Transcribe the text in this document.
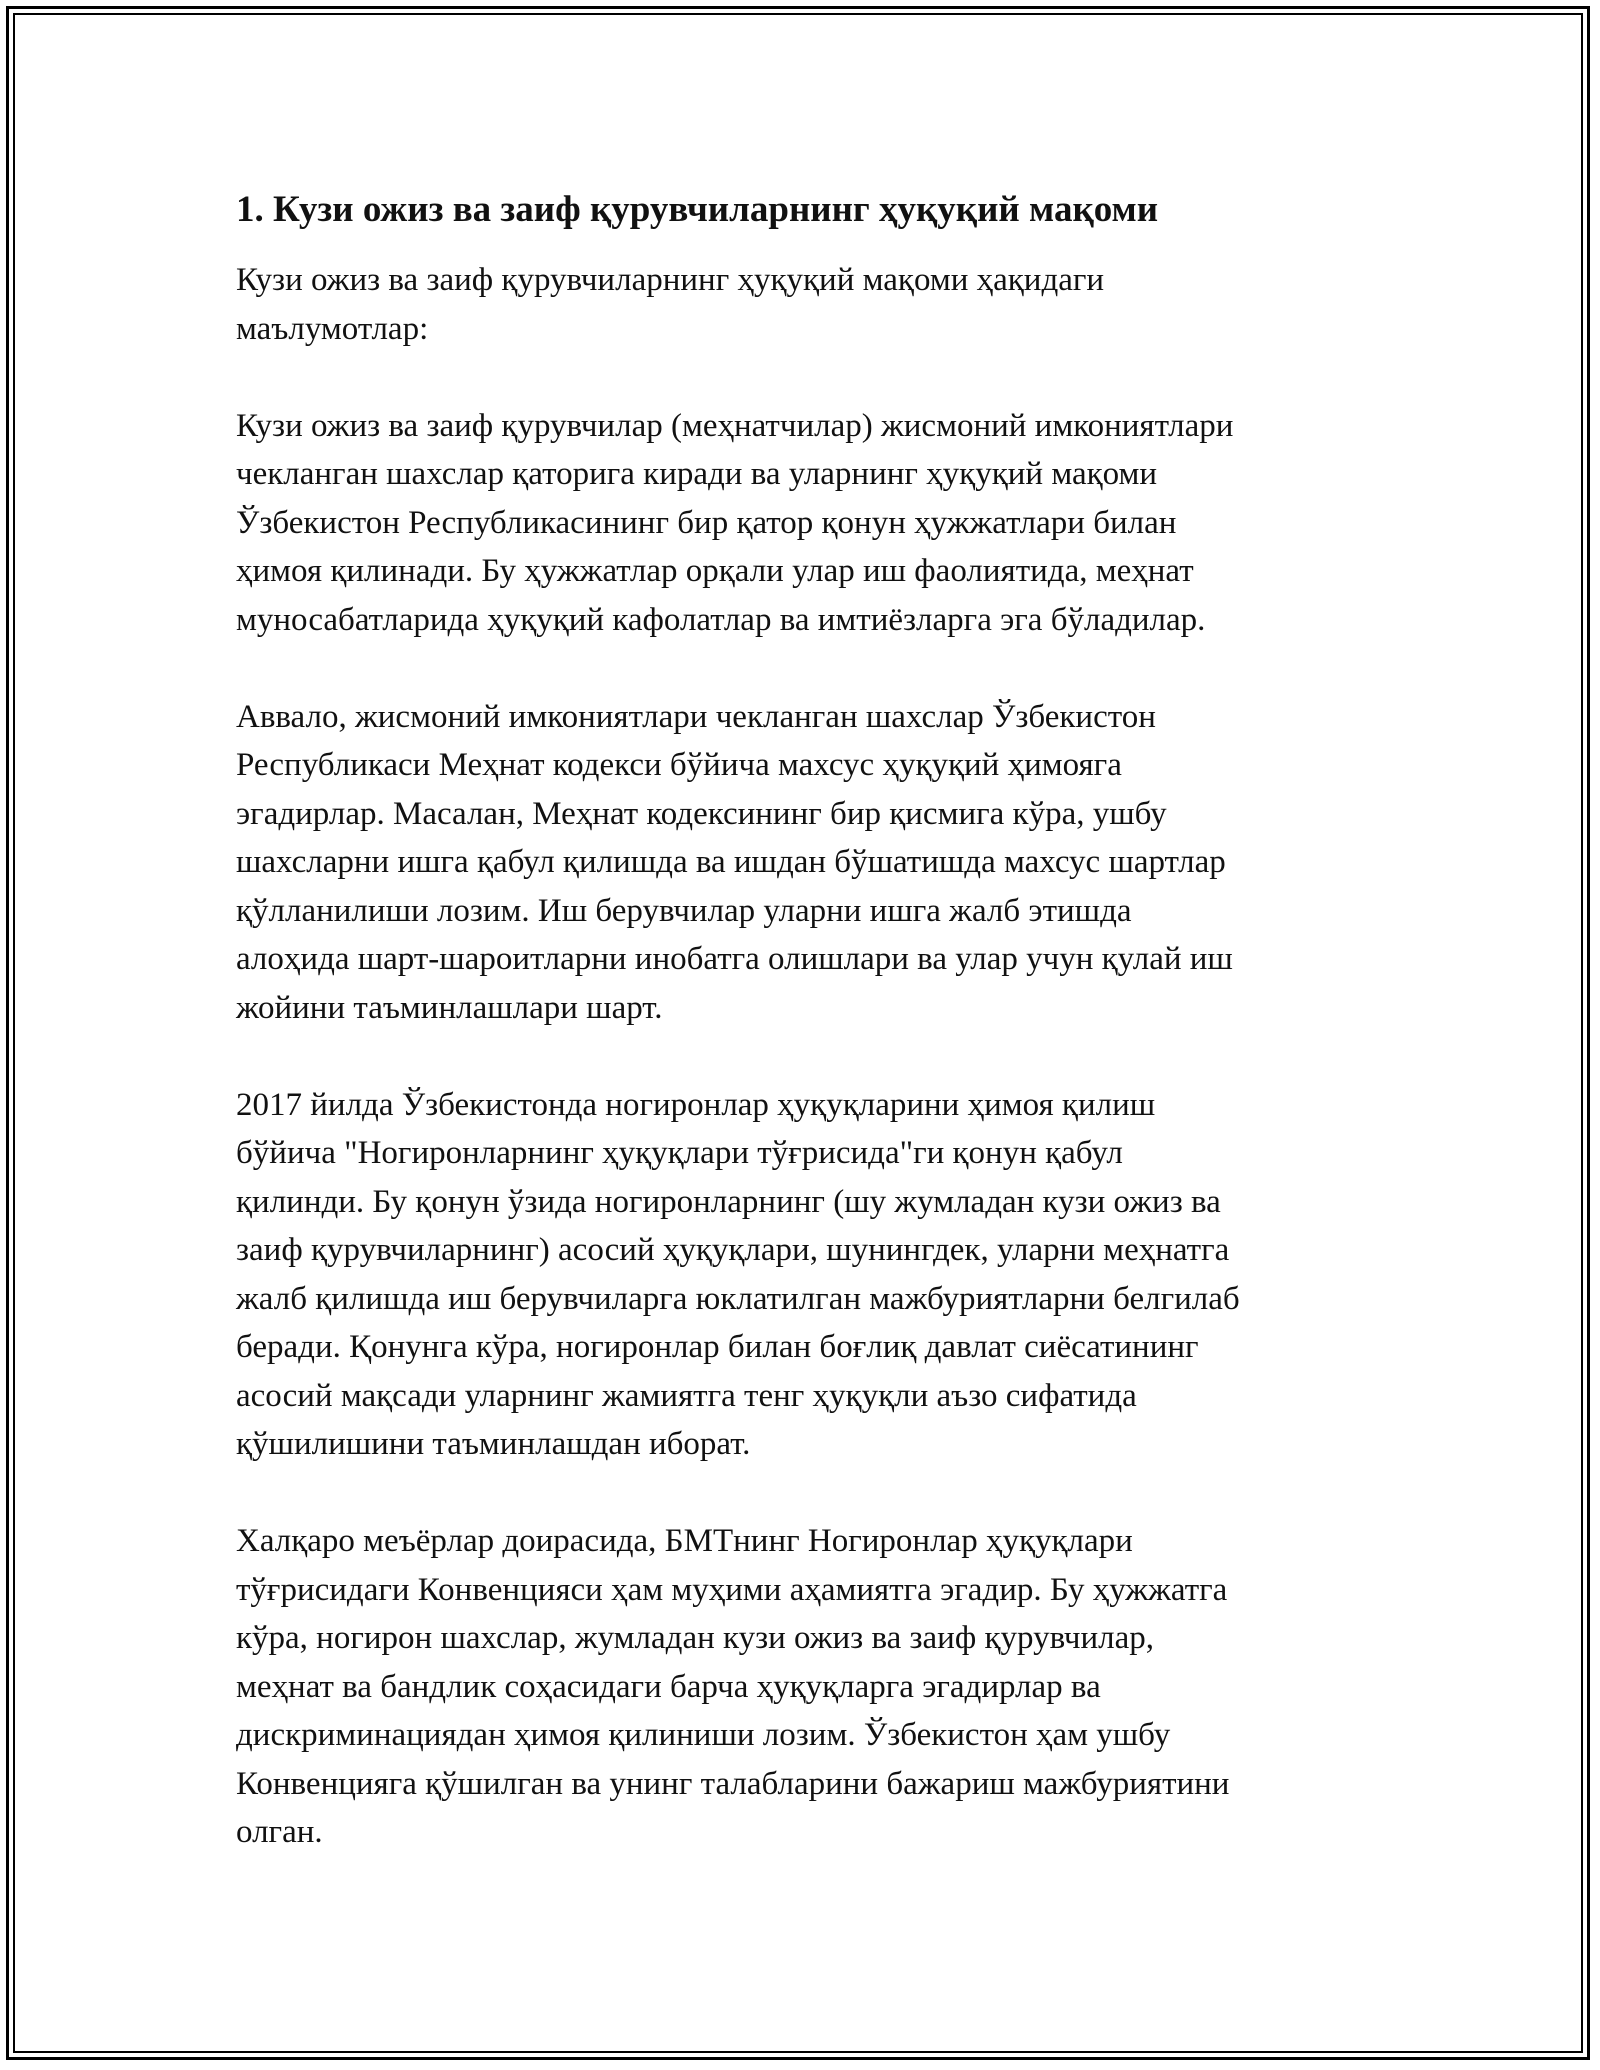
1. Кузи ожиз ва заиф қурувчиларнинг ҳуқуқий мақоми
Кузи ожиз ва заиф қурувчиларнинг ҳуқуқий мақоми ҳақидаги
маълумотлар:
Кузи ожиз ва заиф қурувчилар (меҳнатчилар) жисмоний имкониятлари
чекланган шахслар қаторига киради ва уларнинг ҳуқуқий мақоми
Ўзбекистон Республикасининг бир қатор қонун ҳужжатлари билан
ҳимоя қилинади. Бу ҳужжатлар орқали улар иш фаолиятида, меҳнат
муносабатларида ҳуқуқий кафолатлар ва имтиёзларга эга бўладилар.
Аввало, жисмоний имкониятлари чекланган шахслар Ўзбекистон
Республикаси Меҳнат кодекси бўйича махсус ҳуқуқий ҳимояга
эгадирлар. Масалан, Меҳнат кодексининг бир қисмига кўра, ушбу
шахсларни ишга қабул қилишда ва ишдан бўшатишда махсус шартлар
қўлланилиши лозим. Иш берувчилар уларни ишга жалб этишда
алоҳида шарт-шароитларни инобатга олишлари ва улар учун қулай иш
жойини таъминлашлари шарт.
2017 йилда Ўзбекистонда ногиронлар ҳуқуқларини ҳимоя қилиш
бўйича "Ногиронларнинг ҳуқуқлари тўғрисида"ги қонун қабул
қилинди. Бу қонун ўзида ногиронларнинг (шу жумладан кузи ожиз ва
заиф қурувчиларнинг) асосий ҳуқуқлари, шунингдек, уларни меҳнатга
жалб қилишда иш берувчиларга юклатилган мажбуриятларни белгилаб
беради. Қонунга кўра, ногиронлар билан боғлиқ давлат сиёсатининг
асосий мақсади уларнинг жамиятга тенг ҳуқуқли аъзо сифатида
қўшилишини таъминлашдан иборат.
Халқаро меъёрлар доирасида, БМТнинг Ногиронлар ҳуқуқлари
тўғрисидаги Конвенцияси ҳам муҳими аҳамиятга эгадир. Бу ҳужжатга
кўра, ногирон шахслар, жумладан кузи ожиз ва заиф қурувчилар,
меҳнат ва бандлик соҳасидаги барча ҳуқуқларга эгадирлар ва
дискриминациядан ҳимоя қилиниши лозим. Ўзбекистон ҳам ушбу
Конвенцияга қўшилган ва унинг талабларини бажариш мажбуриятини
олган.
